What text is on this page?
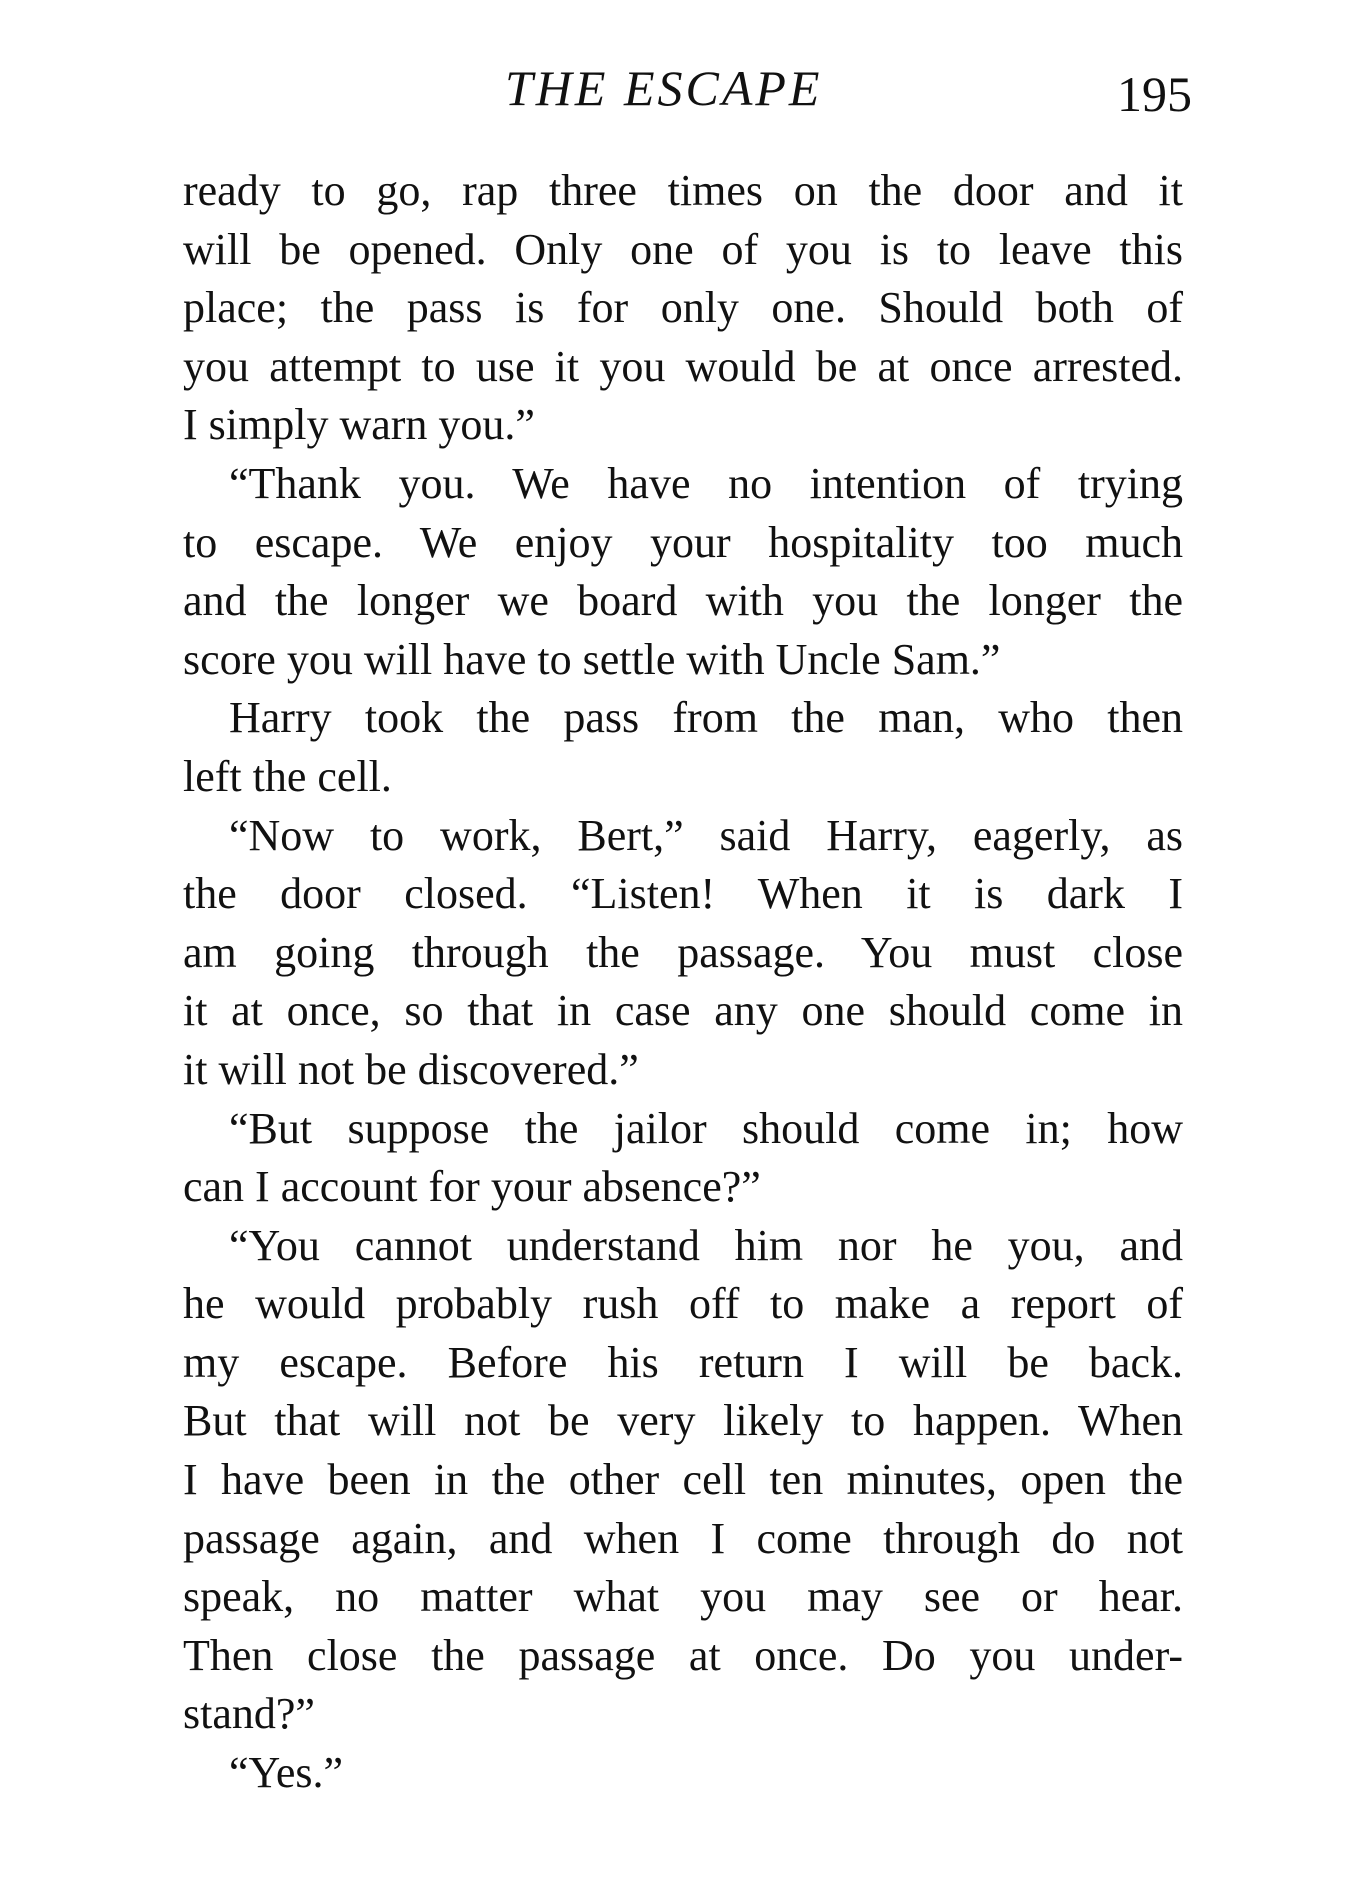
THE ESCAPE	195
ready to go, rap three times on the door and it
will be opened. Only one of you is to leave this
place; the pass is for only one. Should both of
you attempt to use it you would be at once arrested.
I simply warn you.”
“Thank you. We have no intention of trying
to escape. We enjoy your hospitality too much
and the longer we board with you the longer the
score you will have to settle with Uncle Sam.”
Harry took the pass from the man, who then
left the cell.
“Now to work, Bert,” said Harry, eagerly, as
the door closed. “Listen! When it is dark I
am going through the passage. You must close
it at once, so that in case any one should come in
it will not be discovered.”
“But suppose the jailor should come in; how
can I account for your absence?”
“You cannot understand him nor he you, and
he would probably rush off to make a report of
my escape. Before his return I will be back.
But that will not be very likely to happen. When
I have been in the other cell ten minutes, open the
passage again, and when I come through do not
speak, no matter what you may see or hear.
Then close the passage at once. Do you under-
stand?”
“Yes.”
